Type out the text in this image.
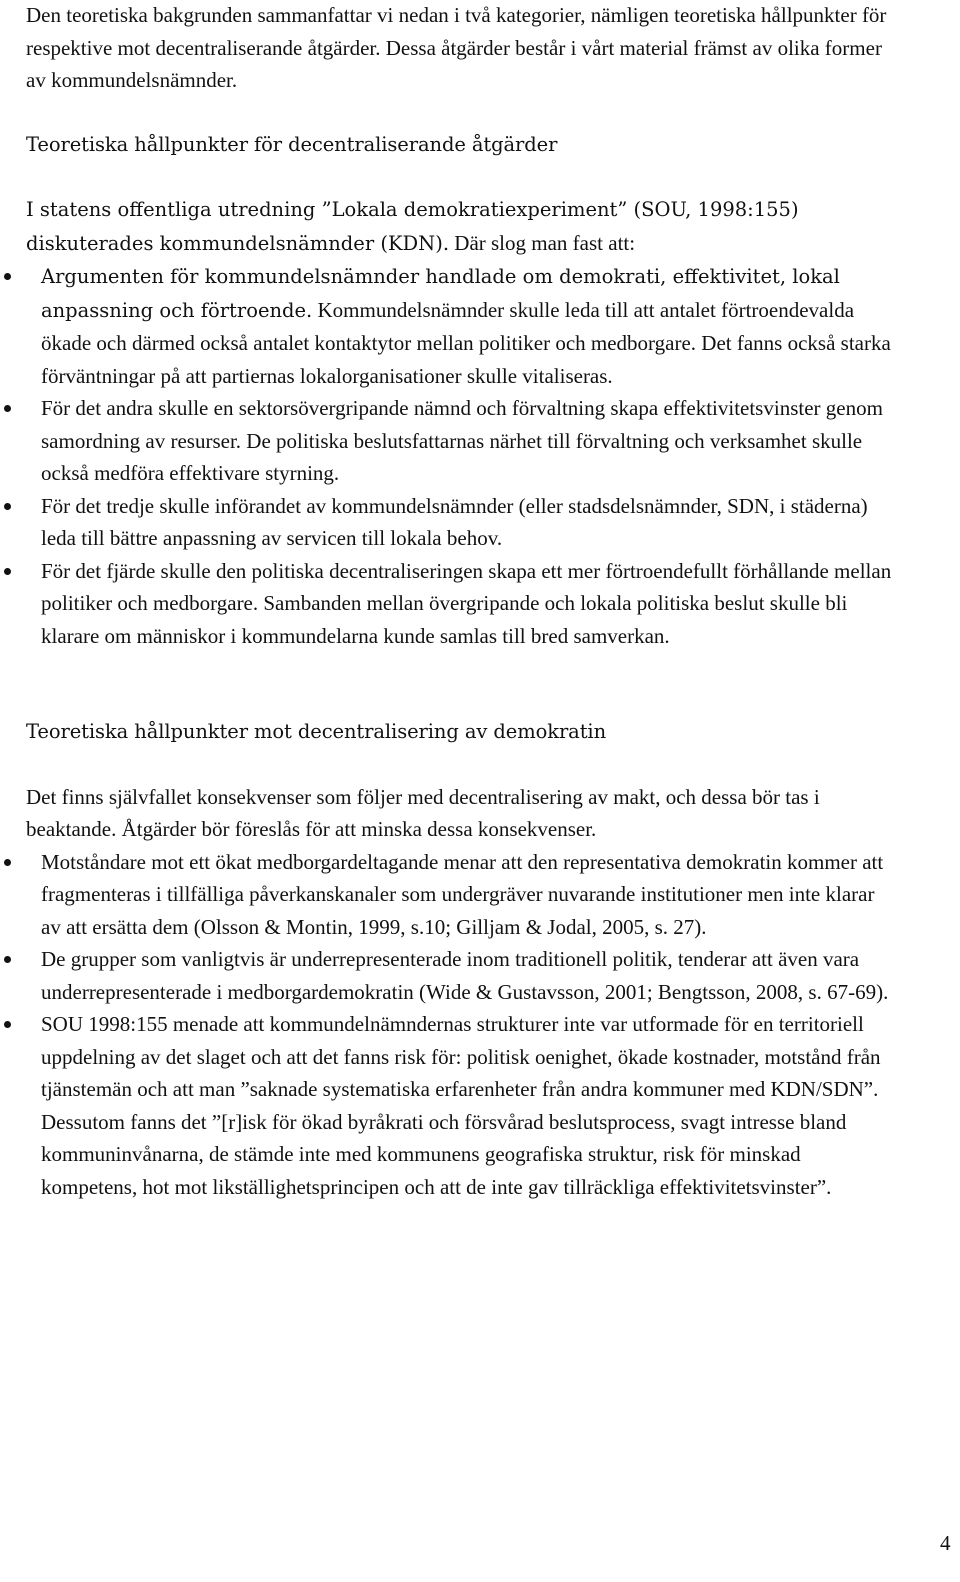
Den teoretiska bakgrunden sammanfattar vi nedan i två kategorier, nämligen teoretiska hållpunkter för respektive mot decentraliserande åtgärder. Dessa åtgärder består i vårt material främst av olika former av kommundelsnämnder.

Teoretiska hållpunkter för decentraliserande åtgärder

I statens offentliga utredning ”Lokala demokratiexperiment” (SOU, 1998:155) diskuterades kommundelsnämnder (KDN). Där slog man fast att:

Argumenten för kommundelsnämnder handlade om demokrati, effektivitet, lokal anpassning och förtroende. Kommundelsnämnder skulle leda till att antalet förtroendevalda ökade och därmed också antalet kontaktytor mellan politiker och medborgare. Det fanns också starka förväntningar på att partiernas lokalorganisationer skulle vitaliseras.
För det andra skulle en sektorsövergripande nämnd och förvaltning skapa effektivitetsvinster genom samordning av resurser. De politiska beslutsfattarnas närhet till förvaltning och verksamhet skulle också medföra effektivare styrning.
För det tredje skulle införandet av kommundelsnämnder (eller stadsdelsnämnder, SDN, i städerna) leda till bättre anpassning av servicen till lokala behov.
För det fjärde skulle den politiska decentraliseringen skapa ett mer förtroendefullt förhållande mellan politiker och medborgare. Sambanden mellan övergripande och lokala politiska beslut skulle bli klarare om människor i kommundelarna kunde samlas till bred samverkan.

Teoretiska hållpunkter mot decentralisering av demokratin

Det finns självfallet konsekvenser som följer med decentralisering av makt, och dessa bör tas i beaktande. Åtgärder bör föreslås för att minska dessa konsekvenser.

Motståndare mot ett ökat medborgardeltagande menar att den representativa demokratin kommer att fragmenteras i tillfälliga påverkanskanaler som undergräver nuvarande institutioner men inte klarar av att ersätta dem (Olsson & Montin, 1999, s.10; Gilljam & Jodal, 2005, s. 27).
De grupper som vanligtvis är underrepresenterade inom traditionell politik, tenderar att även vara underrepresenterade i medborgardemokratin (Wide & Gustavsson, 2001; Bengtsson, 2008, s. 67-69).
SOU 1998:155 menade att kommundelnämndernas strukturer inte var utformade för en territoriell uppdelning av det slaget och att det fanns risk för: politisk oenighet, ökade kostnader, motstånd från tjänstemän och att man ”saknade systematiska erfarenheter från andra kommuner med KDN/SDN”. Dessutom fanns det ”[r]isk för ökad byråkrati och försvårad beslutsprocess, svagt intresse bland kommuninvånarna, de stämde inte med kommunens geografiska struktur, risk för minskad kompetens, hot mot likställighetsprincipen och att de inte gav tillräckliga effektivitetsvinster”.
4
